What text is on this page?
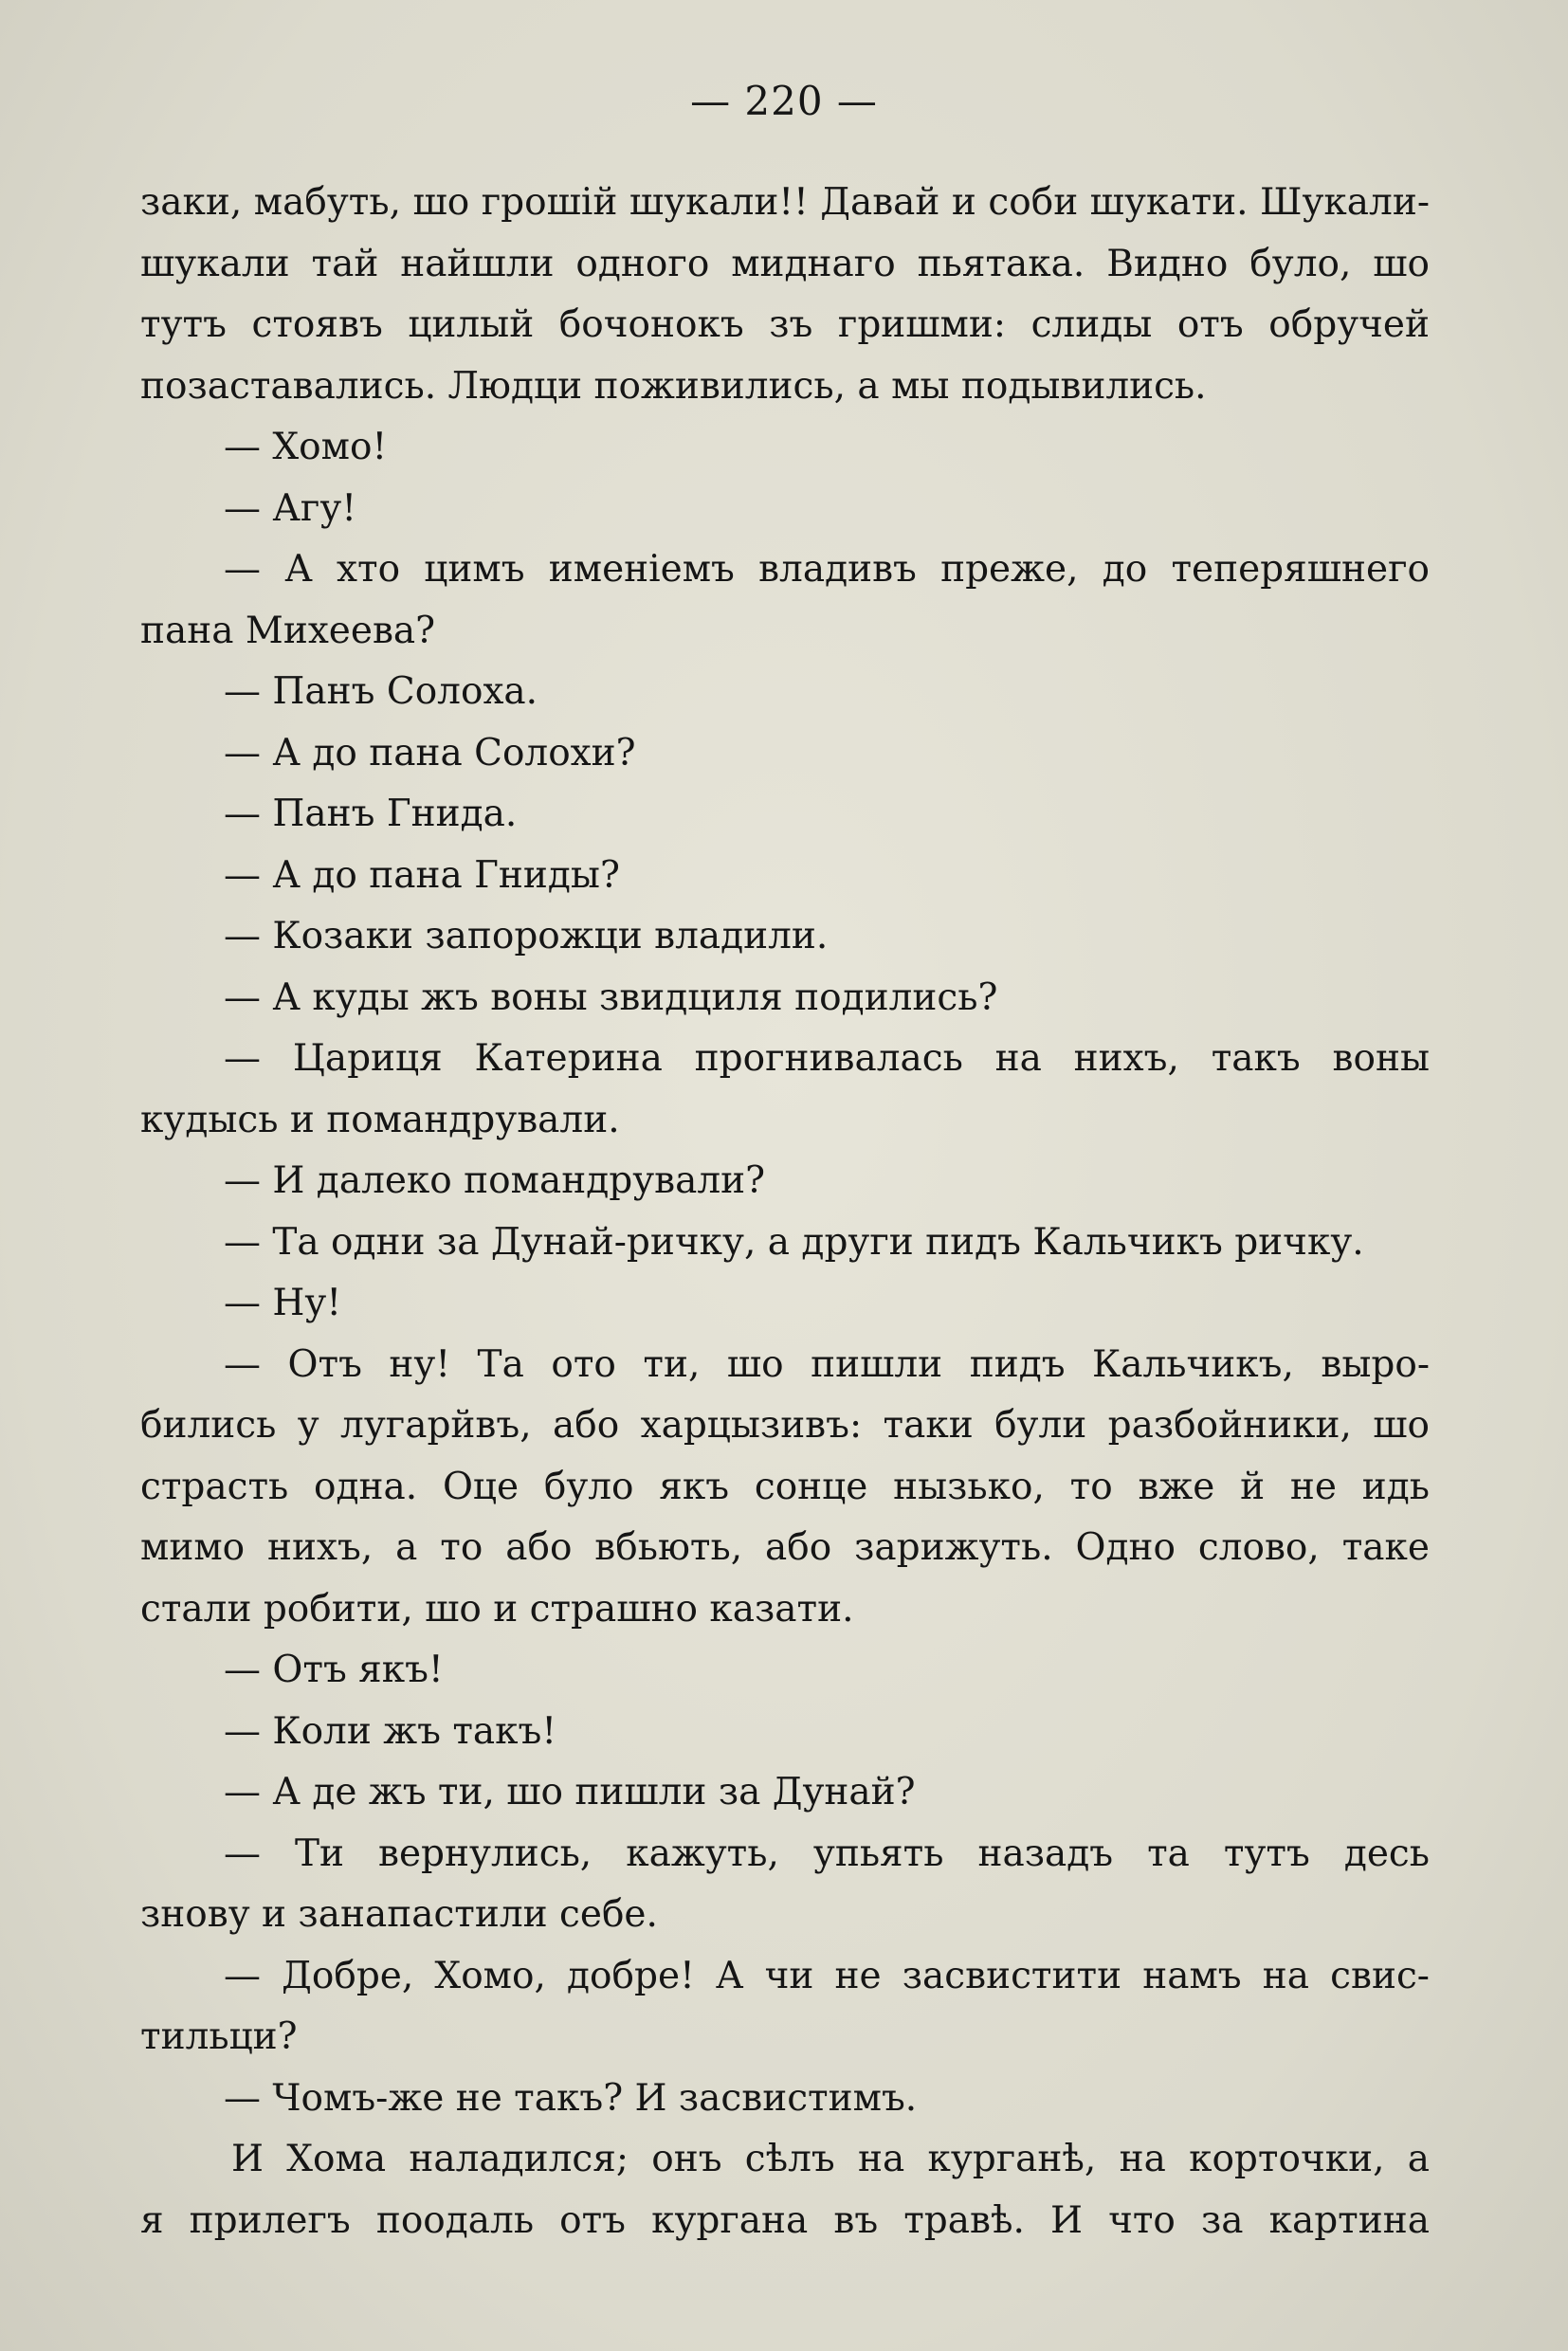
— 220 —
заки, мабуть, шо грошій шукали!! Давай и соби шукати. Шукали-
шукали тай найшли одного миднаго пьятака. Видно було, шо
тутъ стоявъ цилый бочонокъ зъ гришми: слиды отъ обручей
позаставались. Людци поживились, а мы подывились.
— Хомо!
— Агу!
— А хто цимъ именіемъ владивъ преже, до теперяшнего
пана Михеева?
— Панъ Солоха.
— А до пана Солохи?
— Панъ Гнида.
— А до пана Гниды?
— Козаки запорожци владили.
— А куды жъ воны звидциля подились?
— Цариця Катерина прогнивалась на нихъ, такъ воны
кудысь и помандрували.
— И далеко помандрували?
— Та одни за Дунай-ричку, а други пидъ Кальчикъ ричку.
— Ну!
— Отъ ну! Та ото ти, шо пишли пидъ Кальчикъ, выро-
бились у лугарйвъ, або харцызивъ: таки були разбойники, шо
страсть одна. Оце було якъ сонце нызько, то вже й не идь
мимо нихъ, а то або вбьють, або зарижуть. Одно слово, таке
стали робити, шо и страшно казати.
— Отъ якъ!
— Коли жъ такъ!
— А де жъ ти, шо пишли за Дунай?
— Ти вернулись, кажуть, упьять назадъ та тутъ десь
знову и занапастили себе.
— Добре, Хомо, добре! А чи не засвистити намъ на свис-
тильци?
— Чомъ-же не такъ? И засвистимъ.
И Хома наладился; онъ сѣлъ на курганѣ, на корточки, а
я прилегъ поодаль отъ кургана въ травѣ. И что за картина
